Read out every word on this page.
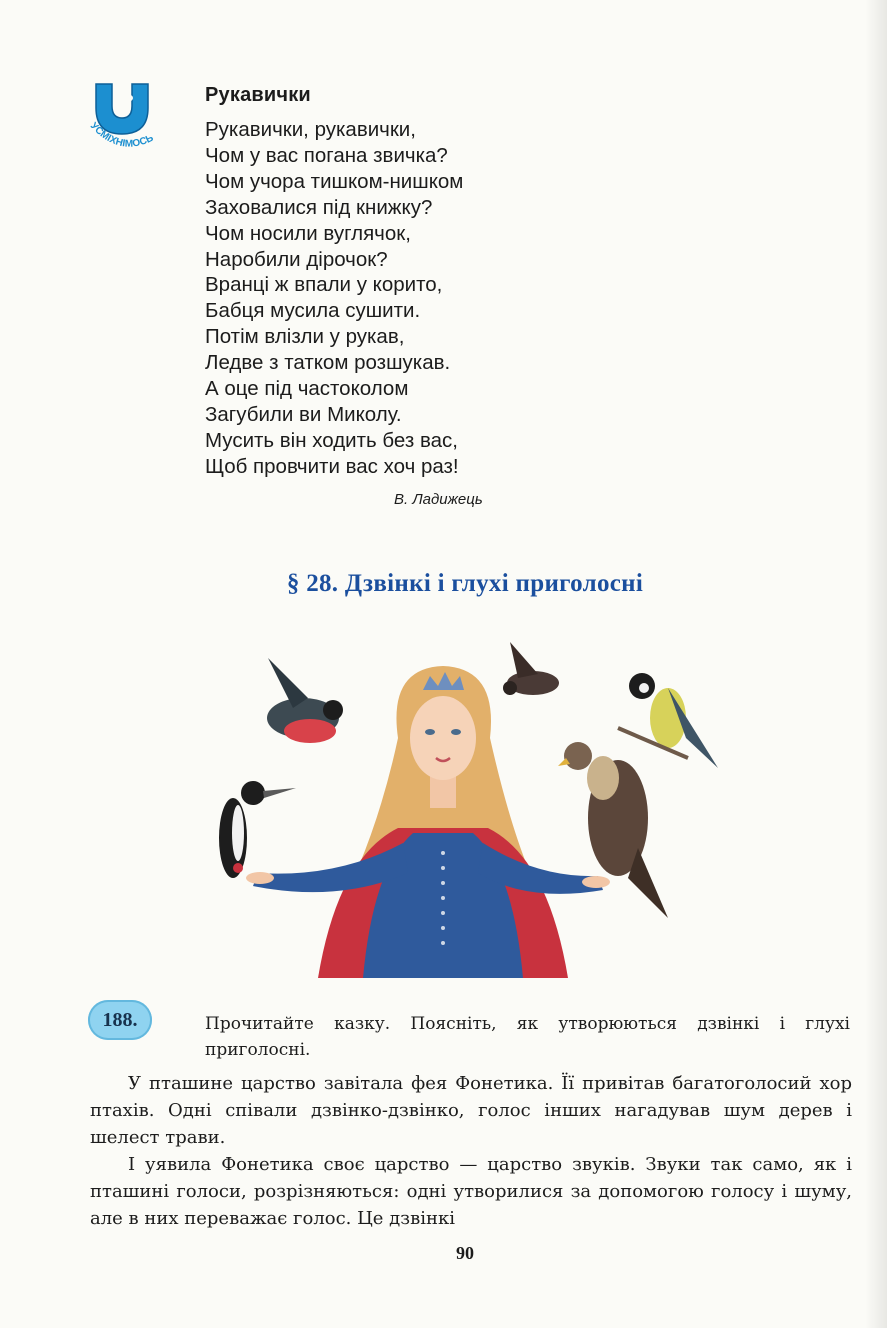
УСМІХНІМОСЬ
Рукавички
Рукавички, рукавички,
Чом у вас погана звичка?
Чом учора тишком-нишком
Заховалися під книжку?
Чом носили вуглячок,
Наробили дірочок?
Вранці ж впали у корито,
Бабця мусила сушити.
Потім влізли у рукав,
Ледве з татком розшукав.
А оце під частоколом
Загубили ви Миколу.
Мусить він ходить без вас,
Щоб провчити вас хоч раз!
В. Ладижець
§ 28. Дзвінкі і глухі приголосні
188.	Прочитайте казку. Поясніть, як утворюються дзвінкі і глухі приголосні.

У пташине царство завітала фея Фонетика. Її привітав багатоголосий хор птахів. Одні співали дзвінко-дзвінко, голос інших нагадував шум дерев і шелест трави.

І уявила Фонетика своє царство — царство звуків. Звуки так само, як і пташині голоси, розрізняються: одні утворилися за допомогою голосу і шуму, але в них переважає голос. Це дзвінкі

90
